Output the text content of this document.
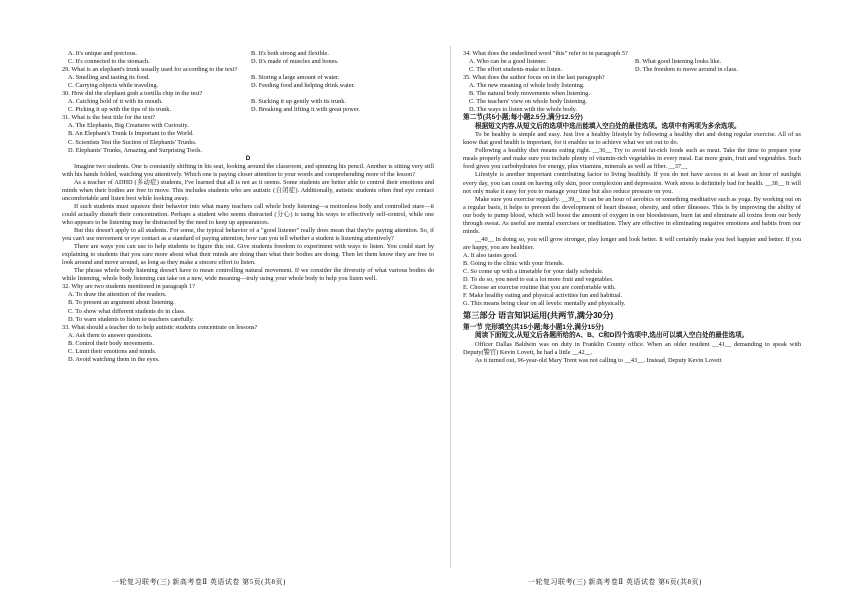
A. It's unique and precious.	B. It's both strong and flexible.
C. It's connected to the stomach.	D. It's made of muscles and bones.
29. What is an elephant's trunk usually used for according to the text?
A. Smelling and tasting its food.	B. Storing a large amount of water.
C. Carrying objects while traveling.	D. Feeding food and helping drink water.
30. How did the elephant grab a tortilla chip in the test?
A. Catching hold of it with its mouth.	B. Sucking it up gently with its trunk.
C. Picking it up with the tips of its trunk.	D. Breaking and lifting it with great power.
31. What is the best title for the text?
A. The Elephants, Big Creatures with Curiosity.
B. An Elephant's Trunk Is Important to the World.
C. Scientists Test the Suction of Elephants' Trunks.
D. Elephants' Trunks, Amazing and Surprising Tools.
D

Imagine two students. One is constantly shifting in his seat, looking around the classroom, and spinning his pencil. Another is sitting very still with his hands folded, watching you attentively. Which one is paying closer attention to your words and comprehending more of the lesson?

As a teacher of ADHD (多动症) students, I've learned that all is not as it seems. Some students are better able to control their emotions and minds when their bodies are free to move. This includes students who are autistic (自闭症). Additionally, autistic students often find eye contact uncomfortable and listen best while looking away.

If such students must squeeze their behavior into what many teachers call whole body listening—a motionless body and controlled stare—it could actually disturb their concentration. Perhaps a student who seems distracted (分心) is using his ways to effectively self-control, while one who appears to be listening may be distracted by the need to keep up appearances.

But this doesn't apply to all students. For some, the typical behavior of a "good listener" really does mean that they're paying attention. So, if you can't use movement or eye contact as a standard of paying attention, how can you tell whether a student is listening attentively?

There are ways you can use to help students to figure this out. Give students freedom to experiment with ways to listen. You could start by explaining to students that you care more about what their minds are doing than what their bodies are doing. Then let them know they are free to look around and move around, as long as they make a sincere effort to listen.

The phrase whole body listening doesn't have to mean controlling natural movement. If we consider the diversity of what various bodies do while listening, whole body listening can take on a new, wide meaning—truly using your whole body to help you listen well.

32. Why are two students mentioned in paragraph 1?
A. To draw the attention of the readers.
B. To present an argument about listening.
C. To show what different students do in class.
D. To warn students to listen to teachers carefully.
33. What should a teacher do to help autistic students concentrate on lessons?
A. Ask them to answer questions.
B. Control their body movements.
C. Limit their emotions and minds.
D. Avoid watching them in the eyes.
34. What does the underlined word "this" refer to in paragraph 5?
A. Who can be a good listener.	B. What good listening looks like.
C. The effort students make to listen.	D. The freedom to move around in class.
35. What does the author focus on in the last paragraph?
A. The new meaning of whole body listening.
B. The natural body movements when listening.
C. The teachers' view on whole body listening.
D. The ways to listen with the whole body.
第二节(共5小题;每小题2.5分,满分12.5分)

根据短文内容,从短文后的选项中选出能填入空白处的最佳选项。选项中有两项为多余选项。

To be healthy is simple and easy. Just live a healthy lifestyle by following a healthy diet and doing regular exercise. All of us know that good health is important, for it enables us to achieve what we set out to do.

Following a healthy diet means eating right. __36__ Try to avoid fat-rich foods such as meat. Take the time to prepare your meals properly and make sure you include plenty of vitamin-rich vegetables in every meal. Eat more grain, fruit and vegetables. Such food gives you carbohydrates for energy, plus vitamins, minerals as well as fiber. __37__

Lifestyle is another important contributing factor to living healthily. If you do not have access to at least an hour of sunlight every day, you can count on having oily skin, poor complexion and depression. Work stress is definitely bad for health. __38__ It will not only make it easy for you to manage your time but also reduce pressure on you.

Make sure you exercise regularly. __39__ It can be an hour of aerobics or something meditative such as yoga. By working out on a regular basis, it helps to prevent the development of heart disease, obesity, and other illnesses. This is by improving the ability of our body to pump blood, which will boost the amount of oxygen in our bloodstream, burn fat and eliminate all toxins from our body through sweat. As useful are mental exercises or meditation. They are effective in eliminating negative emotions and habits from our minds.

__40__ In doing so, you will grow stronger, play longer and look better. It will certainly make you feel happier and better. If you are happy, you are healthier.

A. It also tastes good.
B. Going to the clinic with your friends.
C. So come up with a timetable for your daily schedule.
D. To do so, you need to eat a lot more fruit and vegetables.
E. Choose an exercise routine that you are comfortable with.
F. Make healthy eating and physical activities fun and habitual.
G. This means being clear on all levels: mentally and physically.
第三部分 语言知识运用(共两节,满分30分)
第一节 完形填空(共15小题;每小题1分,满分15分)

阅读下面短文,从短文后各题所给的A、B、C和D四个选项中,选出可以填入空白处的最佳选项。

Officer Dallas Baldwin was on duty in Franklin County office. When an older resident __41__ demanding to speak with Deputy(警官) Kevin Lovett, he had a little __42__.

As it turned out, 96-year-old Mary Trent was not calling to __43__. Instead, Deputy Kevin Lovett

一轮复习联考(三) 新高考卷Ⅱ 英语试卷 第5页(共8页)	一轮复习联考(三) 新高考卷Ⅱ 英语试卷 第6页(共8页)
